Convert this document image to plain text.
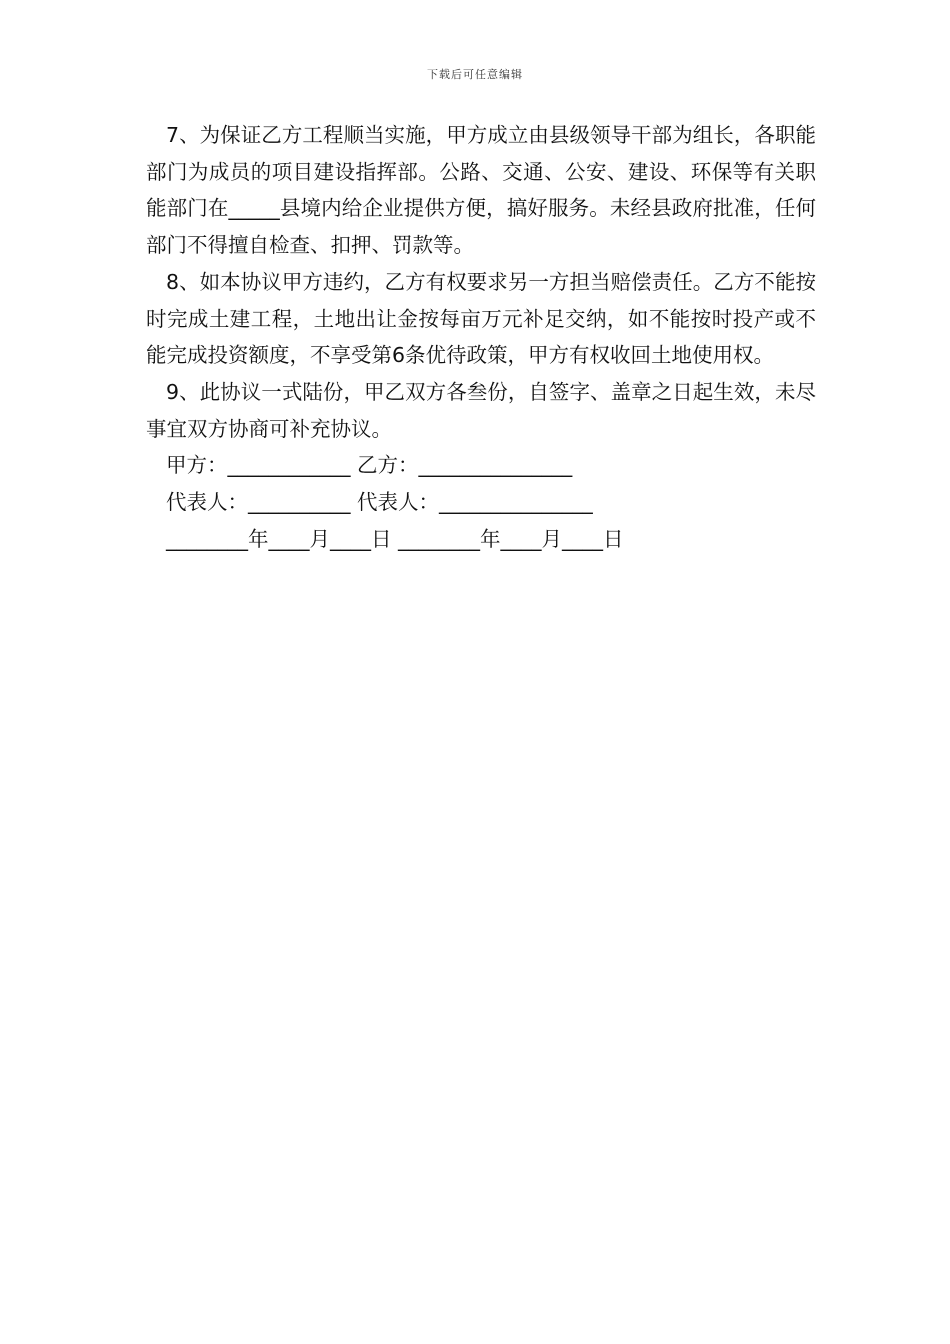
下载后可任意编辑

7、为保证乙方工程顺当实施，甲方成立由县级领导干部为组长，各职能部门为成员的项目建设指挥部。公路、交通、公安、建设、环保等有关职能部门在_____县境内给企业提供方便，搞好服务。未经县政府批准，任何部门不得擅自检查、扣押、罚款等。

8、如本协议甲方违约，乙方有权要求另一方担当赔偿责任。乙方不能按时完成土建工程，土地出让金按每亩万元补足交纳，如不能按时投产或不能完成投资额度，不享受第6条优待政策，甲方有权收回土地使用权。

9、此协议一式陆份，甲乙双方各叁份，自签字、盖章之日起生效，未尽事宜双方协商可补充协议。

甲方：____________ 乙方：_______________
代表人：__________ 代表人：_______________
________年____月____日 ________年____月____日
